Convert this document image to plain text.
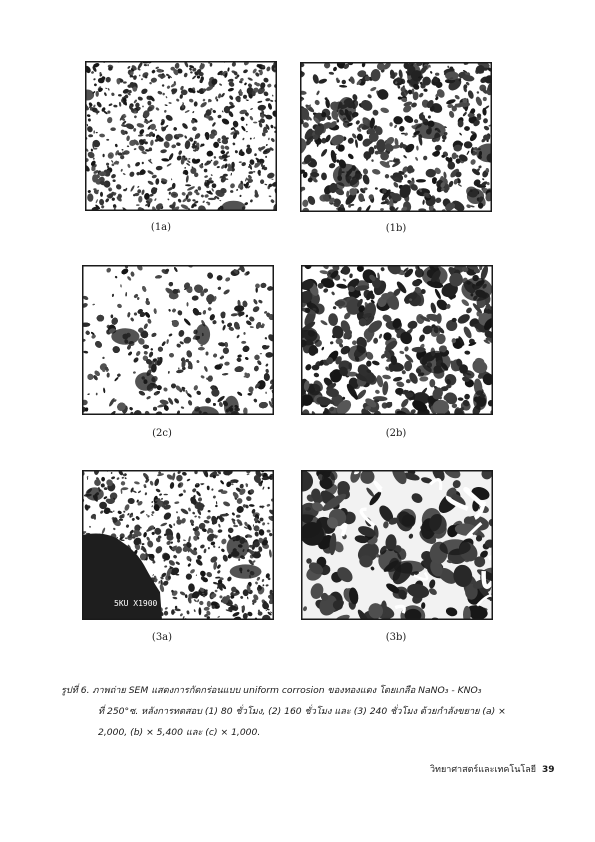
(1a)	(1b)
(2c)	(2b)
5KU X1900
(3a)	(3b)
รูปที่ 6. ภาพถ่าย SEM แสดงการกัดกร่อนแบบ uniform corrosion ของทองแดง โดยเกลือ NaNO₃ - KNO₃
ที่ 250°ซ. หลังการทดสอบ (1) 80 ชั่วโมง, (2) 160 ชั่วโมง และ (3) 240 ชั่วโมง ด้วยกำลังขยาย (a) ×
2,000, (b) × 5,400 และ (c) × 1,000.
วิทยาศาสตร์และเทคโนโลยี 39
